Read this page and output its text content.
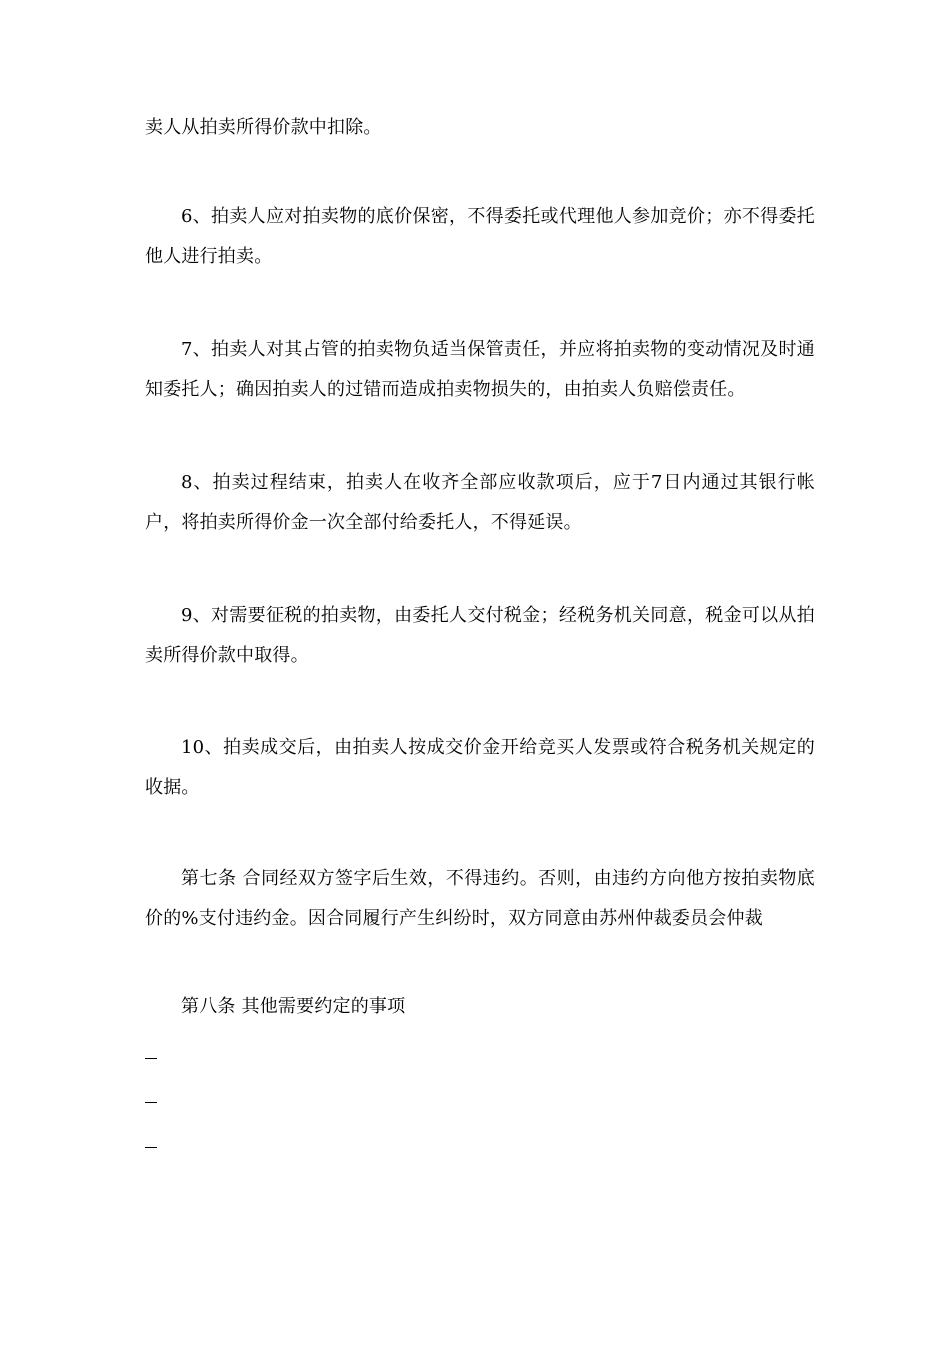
卖人从拍卖所得价款中扣除。

6、拍卖人应对拍卖物的底价保密，不得委托或代理他人参加竞价；亦不得委托他人进行拍卖。

7、拍卖人对其占管的拍卖物负适当保管责任，并应将拍卖物的变动情况及时通知委托人；确因拍卖人的过错而造成拍卖物损失的，由拍卖人负赔偿责任。

8、拍卖过程结束，拍卖人在收齐全部应收款项后，应于7日内通过其银行帐户，将拍卖所得价金一次全部付给委托人，不得延误。

9、对需要征税的拍卖物，由委托人交付税金；经税务机关同意，税金可以从拍卖所得价款中取得。

10、拍卖成交后，由拍卖人按成交价金开给竞买人发票或符合税务机关规定的收据。

第七条 合同经双方签字后生效，不得违约。否则，由违约方向他方按拍卖物底价的%支付违约金。因合同履行产生纠纷时，双方同意由苏州仲裁委员会仲裁

第八条 其他需要约定的事项
